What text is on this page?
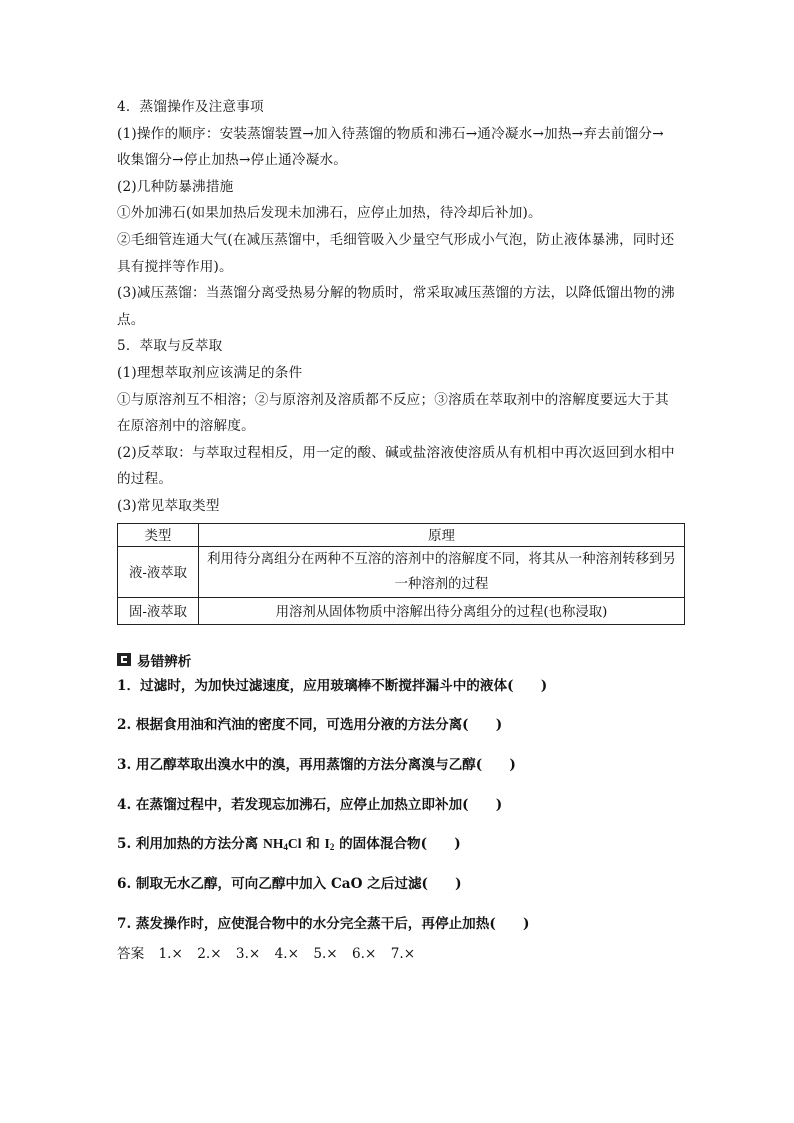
4．蒸馏操作及注意事项
(1)操作的顺序：安装蒸馏装置→加入待蒸馏的物质和沸石→通冷凝水→加热→弃去前馏分→
收集馏分→停止加热→停止通冷凝水。
(2)几种防暴沸措施
①外加沸石(如果加热后发现未加沸石，应停止加热，待冷却后补加)。
②毛细管连通大气(在减压蒸馏中，毛细管吸入少量空气形成小气泡，防止液体暴沸，同时还
具有搅拌等作用)。
(3)减压蒸馏：当蒸馏分离受热易分解的物质时，常采取减压蒸馏的方法，以降低馏出物的沸
点。
5．萃取与反萃取
(1)理想萃取剂应该满足的条件
①与原溶剂互不相溶；②与原溶剂及溶质都不反应；③溶质在萃取剂中的溶解度要远大于其
在原溶剂中的溶解度。
(2)反萃取：与萃取过程相反，用一定的酸、碱或盐溶液使溶质从有机相中再次返回到水相中
的过程。
(3)常见萃取类型
类型	原理
液-液萃取	利用待分离组分在两种不互溶的溶剂中的溶解度不同，将其从一种溶剂转移到另一种溶剂的过程
固-液萃取	用溶剂从固体物质中溶解出待分离组分的过程(也称浸取)
易错辨析
1．过滤时，为加快过滤速度，应用玻璃棒不断搅拌漏斗中的液体(　　)
2. 根据食用油和汽油的密度不同，可选用分液的方法分离(　　)
3. 用乙醇萃取出溴水中的溴，再用蒸馏的方法分离溴与乙醇(　　)
4. 在蒸馏过程中，若发现忘加沸石，应停止加热立即补加(　　)
5. 利用加热的方法分离 $NH_4Cl$ 和 $I_2$ 的固体混合物(　　)
6. 制取无水乙醇，可向乙醇中加入 CaO 之后过滤(　　)
7. 蒸发操作时，应使混合物中的水分完全蒸干后，再停止加热(　　)
答案 1.× 2.× 3.× 4.× 5.× 6.× 7.×
